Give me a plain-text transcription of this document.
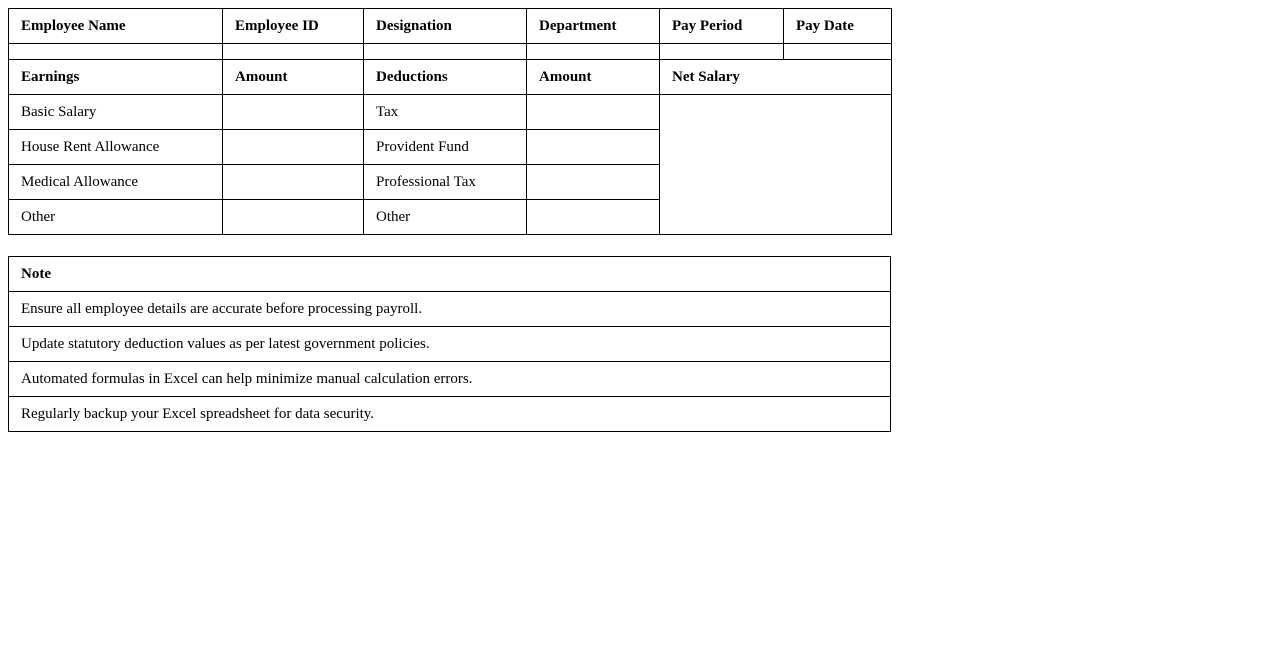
Employee Name	Employee ID	Designation	Department	Pay Period	Pay Date

Earnings	Amount	Deductions	Amount	Net Salary	
Basic Salary		Tax			
House Rent Allowance		Provident Fund			
Medical Allowance		Professional Tax			
Other		Other			
Note
Ensure all employee details are accurate before processing payroll.
Update statutory deduction values as per latest government policies.
Automated formulas in Excel can help minimize manual calculation errors.
Regularly backup your Excel spreadsheet for data security.
